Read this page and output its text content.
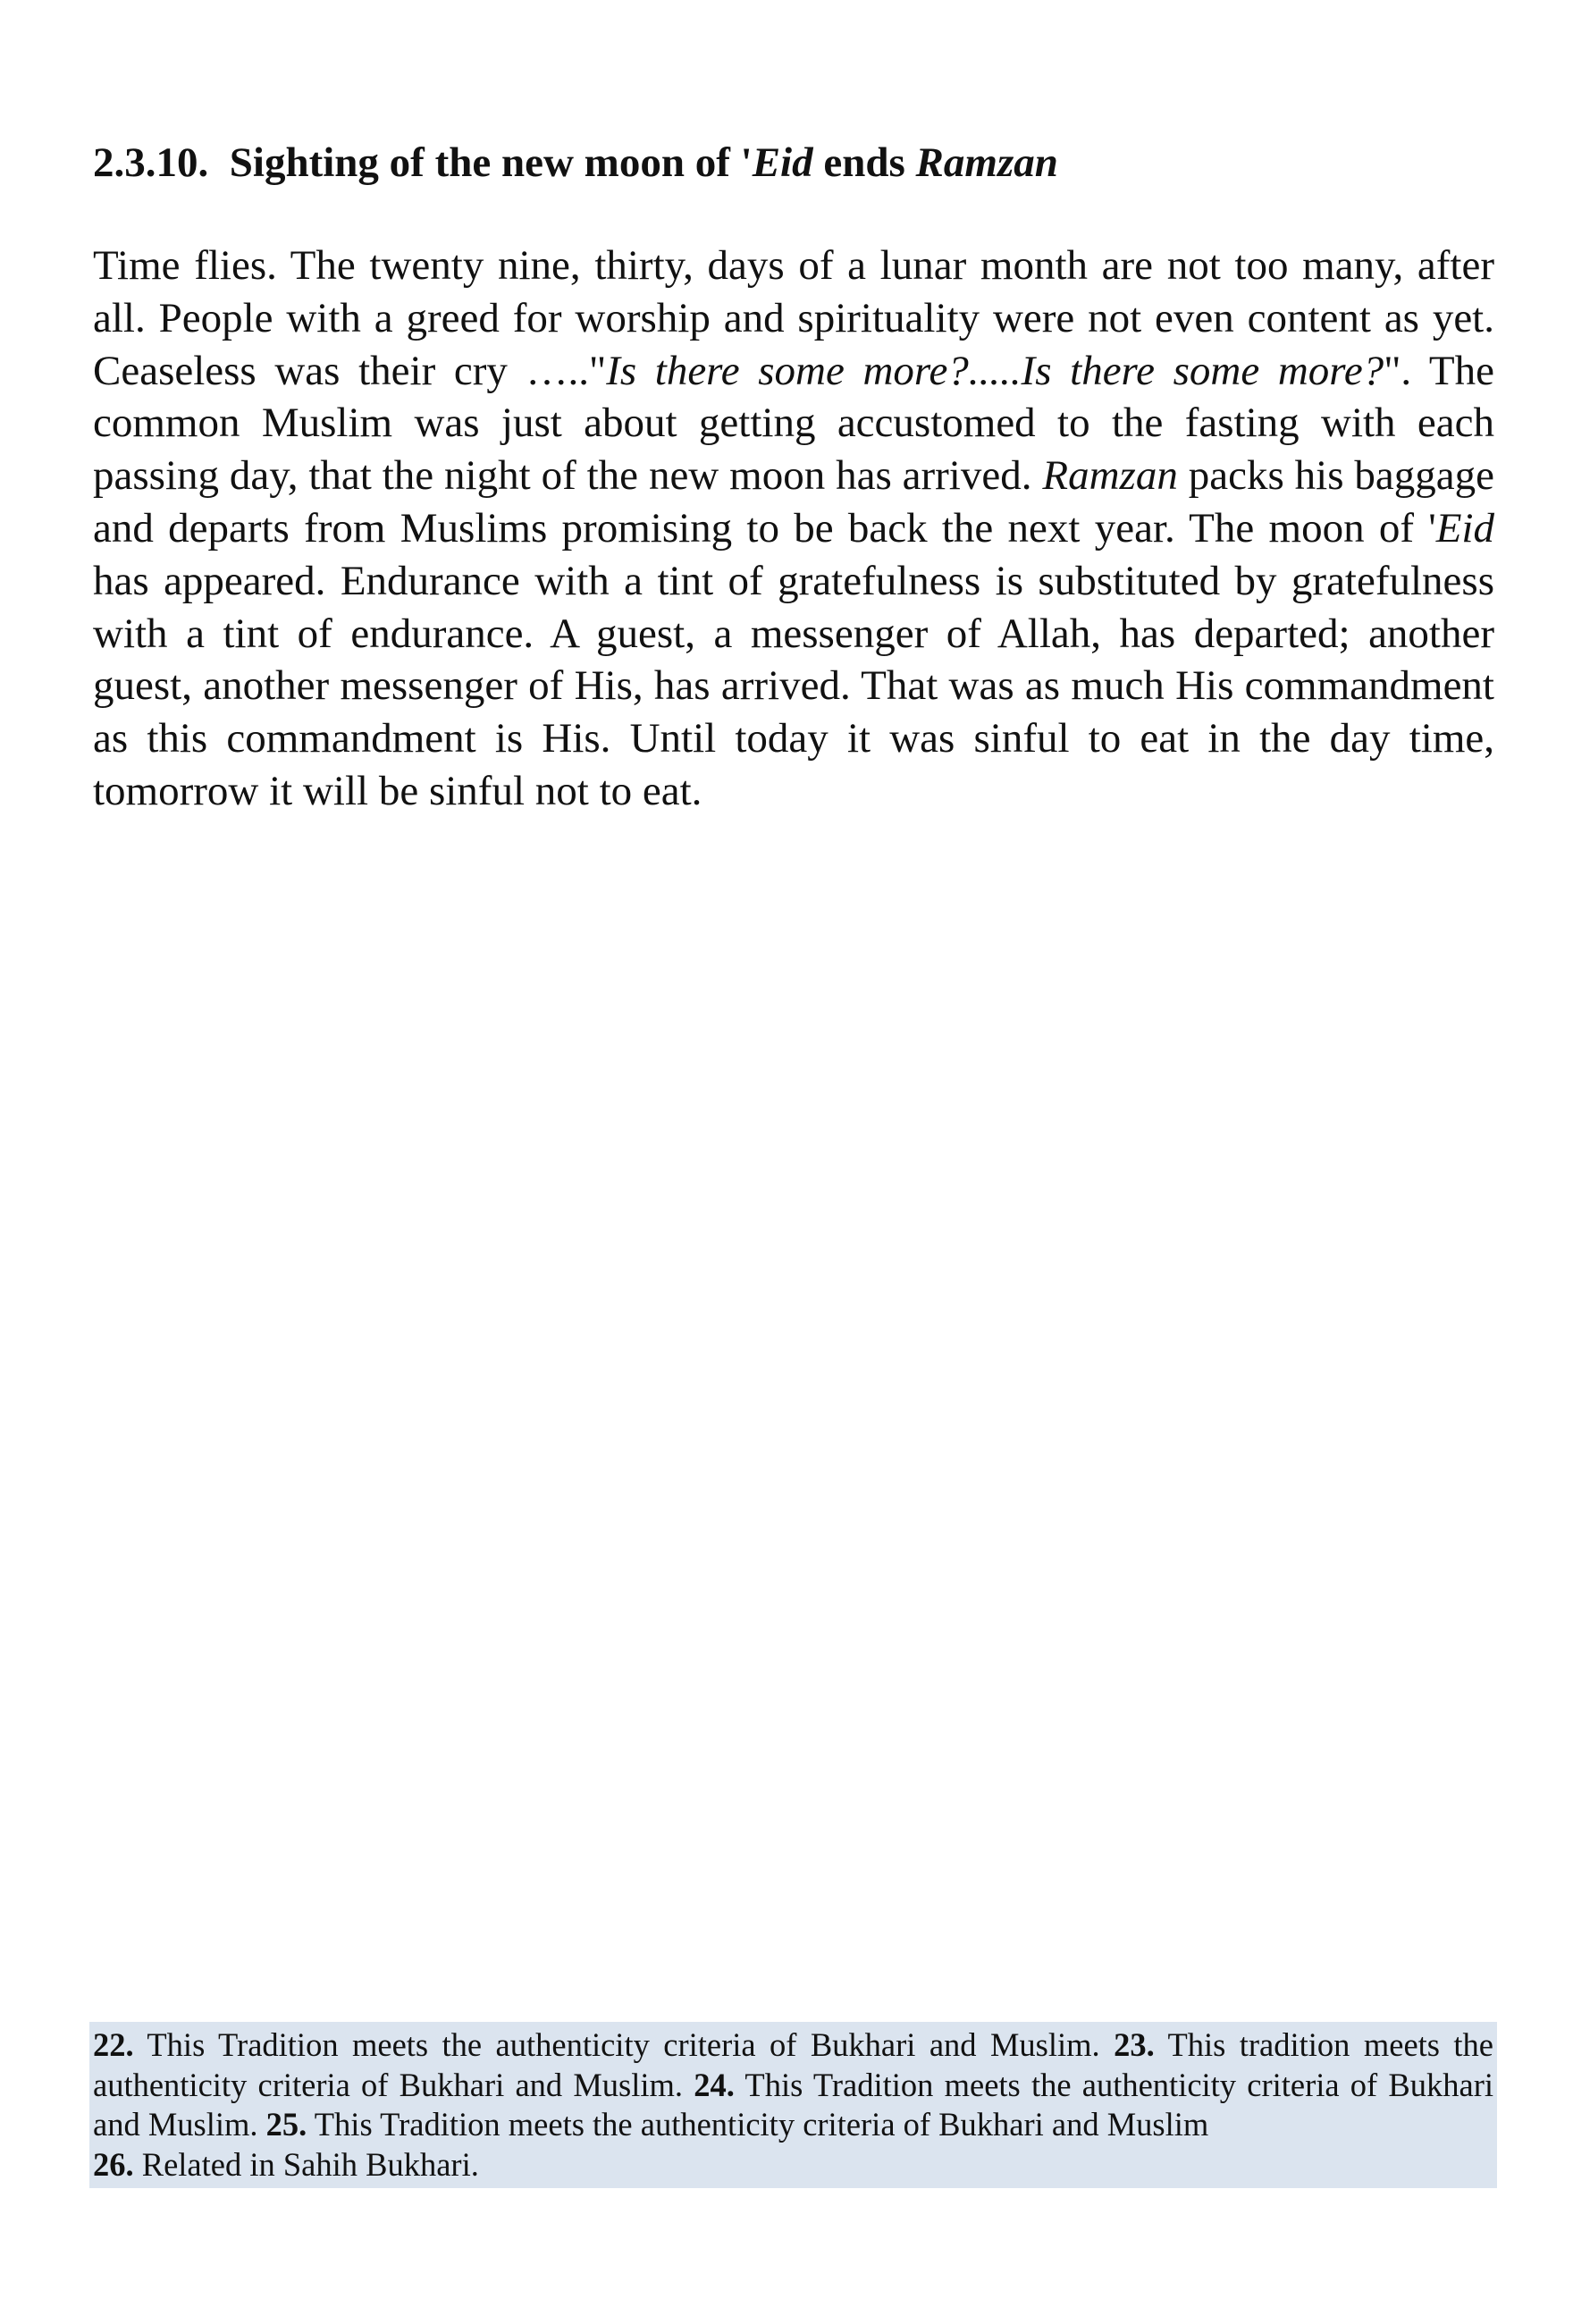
2.3.10. Sighting of the new moon of 'Eid ends Ramzan

Time flies. The twenty nine, thirty, days of a lunar month are not too many, after all. People with a greed for worship and spirituality were not even content as yet. Ceaseless was their cry ….."Is there some more?.....Is there some more?". The common Muslim was just about getting accustomed to the fasting with each passing day, that the night of the new moon has arrived. Ramzan packs his baggage and departs from Muslims promising to be back the next year. The moon of 'Eid has appeared. Endurance with a tint of gratefulness is substituted by gratefulness with a tint of endurance. A guest, a messenger of Allah, has departed; another guest, another messenger of His, has arrived. That was as much His commandment as this commandment is His. Until today it was sinful to eat in the day time, tomorrow it will be sinful not to eat.

22. This Tradition meets the authenticity criteria of Bukhari and Muslim. 23. This tradition meets the authenticity criteria of Bukhari and Muslim. 24. This Tradition meets the authenticity criteria of Bukhari and Muslim. 25. This Tradition meets the authenticity criteria of Bukhari and Muslim
26. Related in Sahih Bukhari.
